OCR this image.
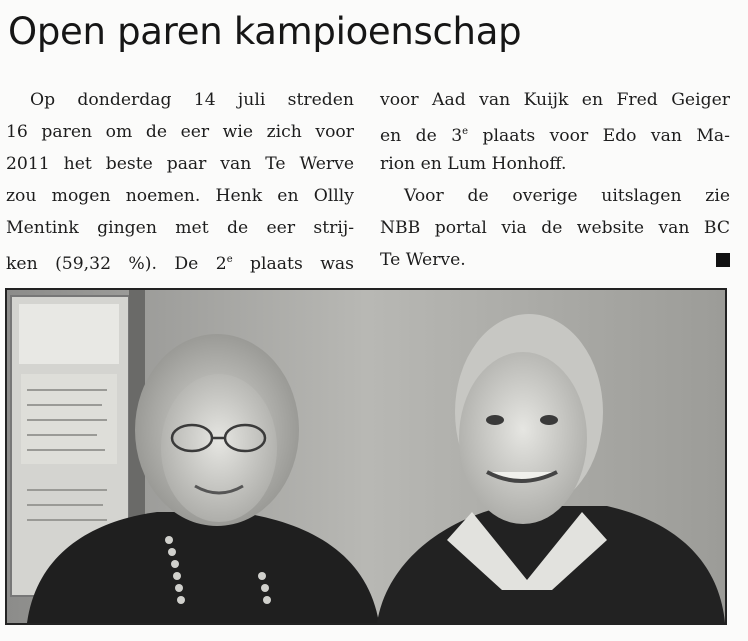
Open paren kampioenschap
Op donderdag 14 juli streden
16 paren om de eer wie zich voor
2011 het beste paar van Te Werve
zou mogen noemen. Henk en Ollly
Mentink gingen met de eer strij-
ken (59,32 %). De 2e plaats was
voor Aad van Kuijk en Fred Geiger
en de 3e plaats voor Edo van Ma-
rion en Lum Honhoff.
Voor de overige uitslagen zie
NBB portal via de website van BC
Te Werve.
